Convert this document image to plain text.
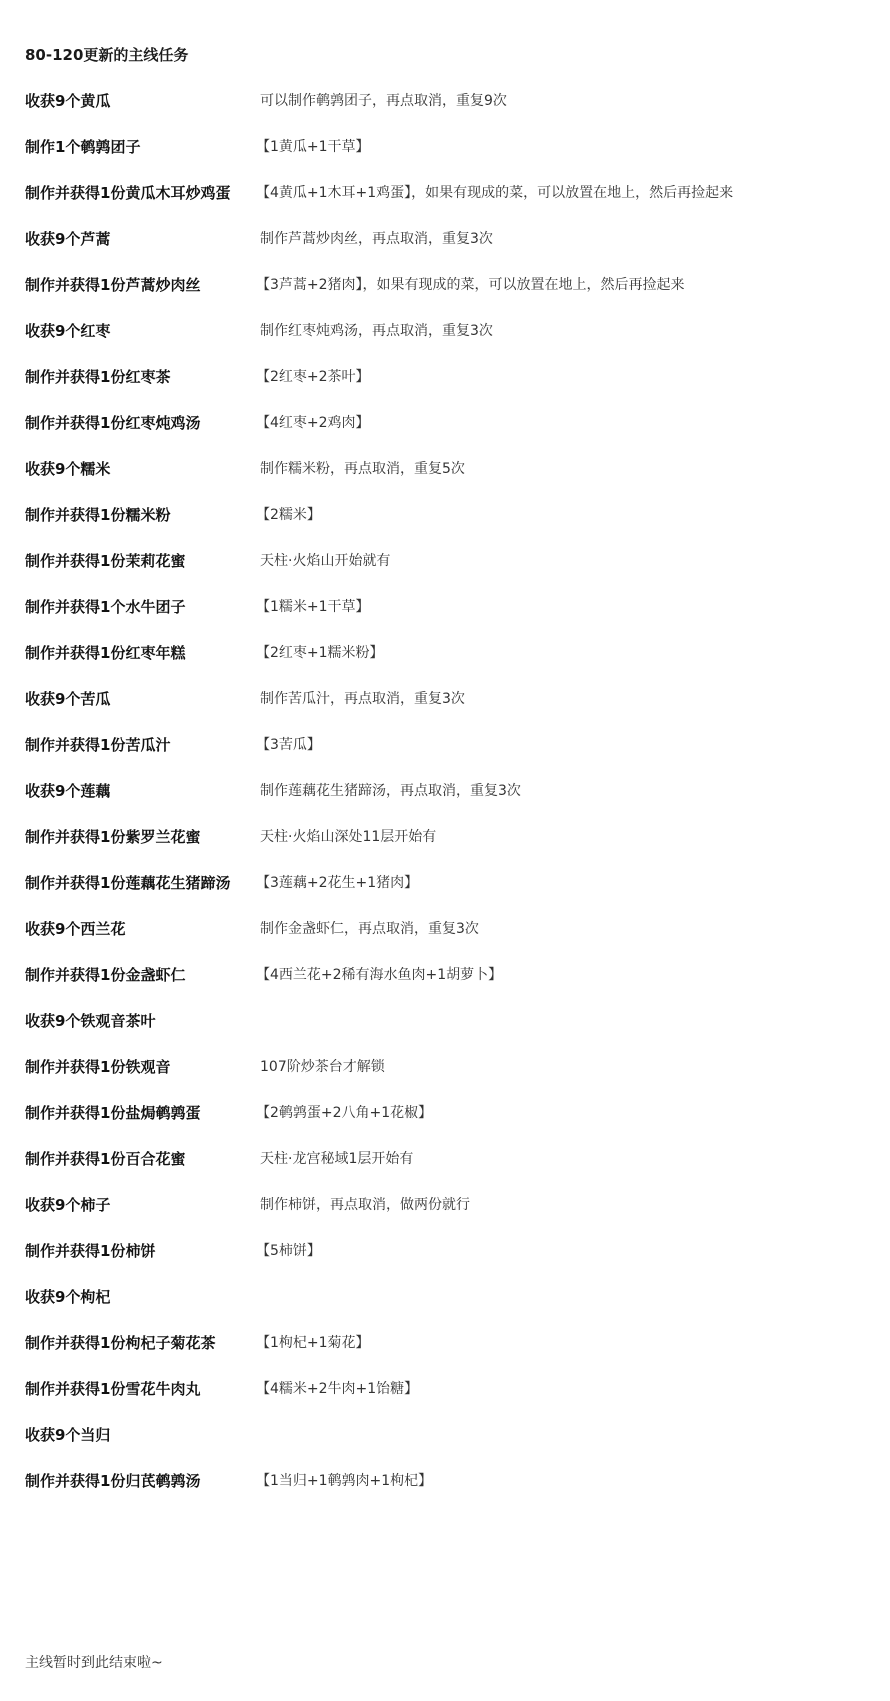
80-120更新的主线任务
收获9个黄瓜	可以制作鹌鹑团子，再点取消，重复9次
制作1个鹌鹑团子	【1黄瓜+1干草】
制作并获得1份黄瓜木耳炒鸡蛋 【4黄瓜+1木耳+1鸡蛋】，如果有现成的菜，可以放置在地上，然后再捡起来
收获9个芦蒿	制作芦蒿炒肉丝，再点取消，重复3次
制作并获得1份芦蒿炒肉丝	【3芦蒿+2猪肉】，如果有现成的菜，可以放置在地上，然后再捡起来
收获9个红枣	制作红枣炖鸡汤，再点取消，重复3次
制作并获得1份红枣茶	【2红枣+2茶叶】
制作并获得1份红枣炖鸡汤	【4红枣+2鸡肉】
收获9个糯米	制作糯米粉，再点取消，重复5次
制作并获得1份糯米粉	【2糯米】
制作并获得1份茉莉花蜜	天柱·火焰山开始就有
制作并获得1个水牛团子	【1糯米+1干草】
制作并获得1份红枣年糕	【2红枣+1糯米粉】
收获9个苦瓜	制作苦瓜汁，再点取消，重复3次
制作并获得1份苦瓜汁	【3苦瓜】
收获9个莲藕	制作莲藕花生猪蹄汤，再点取消，重复3次
制作并获得1份紫罗兰花蜜	天柱·火焰山深处11层开始有
制作并获得1份莲藕花生猪蹄汤 【3莲藕+2花生+1猪肉】
收获9个西兰花	制作金盏虾仁，再点取消，重复3次
制作并获得1份金盏虾仁	【4西兰花+2稀有海水鱼肉+1胡萝卜】
收获9个铁观音茶叶
制作并获得1份铁观音	107阶炒茶台才解锁
制作并获得1份盐焗鹌鹑蛋	【2鹌鹑蛋+2八角+1花椒】
制作并获得1份百合花蜜	天柱·龙宫秘域1层开始有
收获9个柿子	制作柿饼，再点取消，做两份就行
制作并获得1份柿饼	【5柿饼】
收获9个枸杞
制作并获得1份枸杞子菊花茶	【1枸杞+1菊花】
制作并获得1份雪花牛肉丸	【4糯米+2牛肉+1饴糖】
收获9个当归
制作并获得1份归芪鹌鹑汤	【1当归+1鹌鹑肉+1枸杞】
主线暂时到此结束啦~
